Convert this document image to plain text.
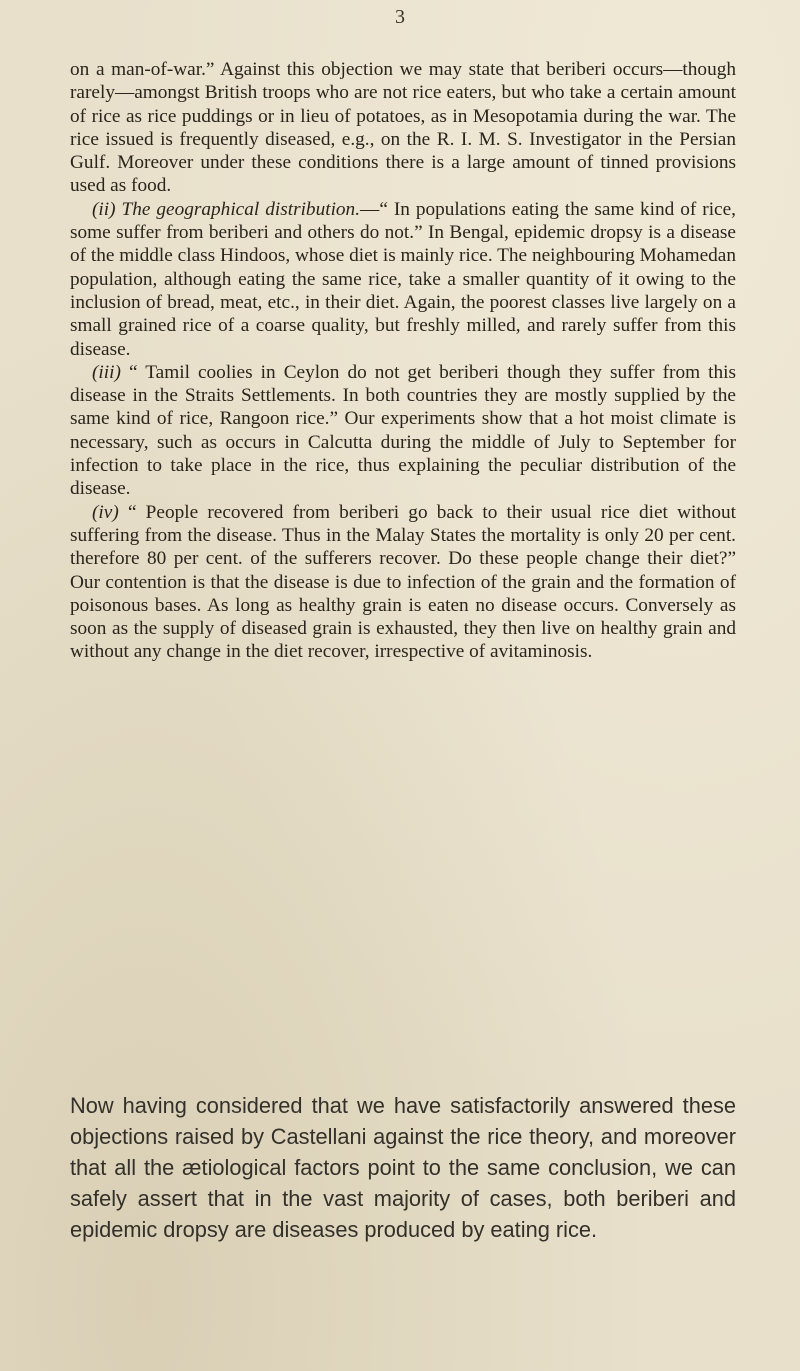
3

on a man-of-war.” Against this objection we may state that beriberi occurs—though rarely—amongst British troops who are not rice eaters, but who take a certain amount of rice as rice puddings or in lieu of potatoes, as in Mesopotamia during the war. The rice issued is frequently diseased, e.g., on the R. I. M. S. Investigator in the Persian Gulf. Moreover under these conditions there is a large amount of tinned provisions used as food.

(ii) The geographical distribution.—“ In populations eating the same kind of rice, some suffer from beriberi and others do not.” In Bengal, epidemic dropsy is a disease of the middle class Hindoos, whose diet is mainly rice. The neighbouring Mohamedan population, although eating the same rice, take a smaller quantity of it owing to the inclusion of bread, meat, etc., in their diet. Again, the poorest classes live largely on a small grained rice of a coarse quality, but freshly milled, and rarely suffer from this disease.

(iii) “ Tamil coolies in Ceylon do not get beriberi though they suffer from this disease in the Straits Settlements. In both countries they are mostly supplied by the same kind of rice, Rangoon rice.” Our experiments show that a hot moist climate is necessary, such as occurs in Calcutta during the middle of July to September for infection to take place in the rice, thus explaining the peculiar distribution of the disease.

(iv) “ People recovered from beriberi go back to their usual rice diet without suffering from the disease. Thus in the Malay States the mortality is only 20 per cent. therefore 80 per cent. of the sufferers recover. Do these people change their diet?” Our contention is that the disease is due to infection of the grain and the formation of poisonous bases. As long as healthy grain is eaten no disease occurs. Conversely as soon as the supply of diseased grain is exhausted, they then live on healthy grain and without any change in the diet recover, irrespective of avitaminosis.

Now having considered that we have satisfactorily answered these objections raised by Castellani against the rice theory, and moreover that all the ætiological factors point to the same conclusion, we can safely assert that in the vast majority of cases, both beriberi and epidemic dropsy are diseases produced by eating rice.
